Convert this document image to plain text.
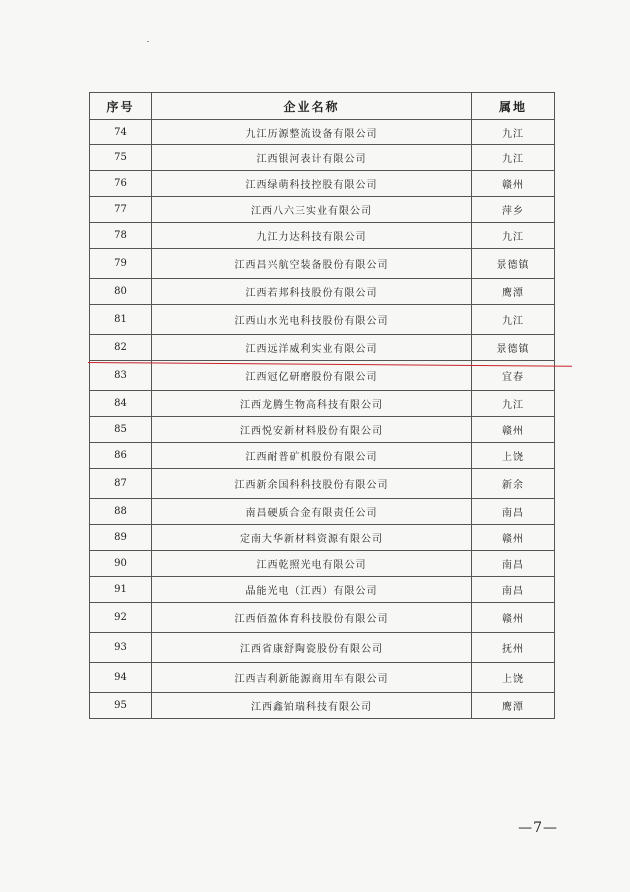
序号	企业名称	属地
74	九江历源整流设备有限公司	九江
75	江西银河表计有限公司	九江
76	江西绿萌科技控股有限公司	赣州
77	江西八六三实业有限公司	萍乡
78	九江力达科技有限公司	九江
79	江西昌兴航空装备股份有限公司	景德镇
80	江西若邦科技股份有限公司	鹰潭
81	江西山水光电科技股份有限公司	九江
82	江西远洋威利实业有限公司	景德镇
83	江西冠亿研磨股份有限公司	宜春
84	江西龙腾生物高科技有限公司	九江
85	江西悦安新材料股份有限公司	赣州
86	江西耐普矿机股份有限公司	上饶
87	江西新余国科科技股份有限公司	新余
88	南昌硬质合金有限责任公司	南昌
89	定南大华新材料资源有限公司	赣州
90	江西乾照光电有限公司	南昌
91	晶能光电（江西）有限公司	南昌
92	江西佰盈体育科技股份有限公司	赣州
93	江西省康舒陶瓷股份有限公司	抚州
94	江西吉利新能源商用车有限公司	上饶
95	江西鑫铂瑞科技有限公司	鹰潭
—7—
